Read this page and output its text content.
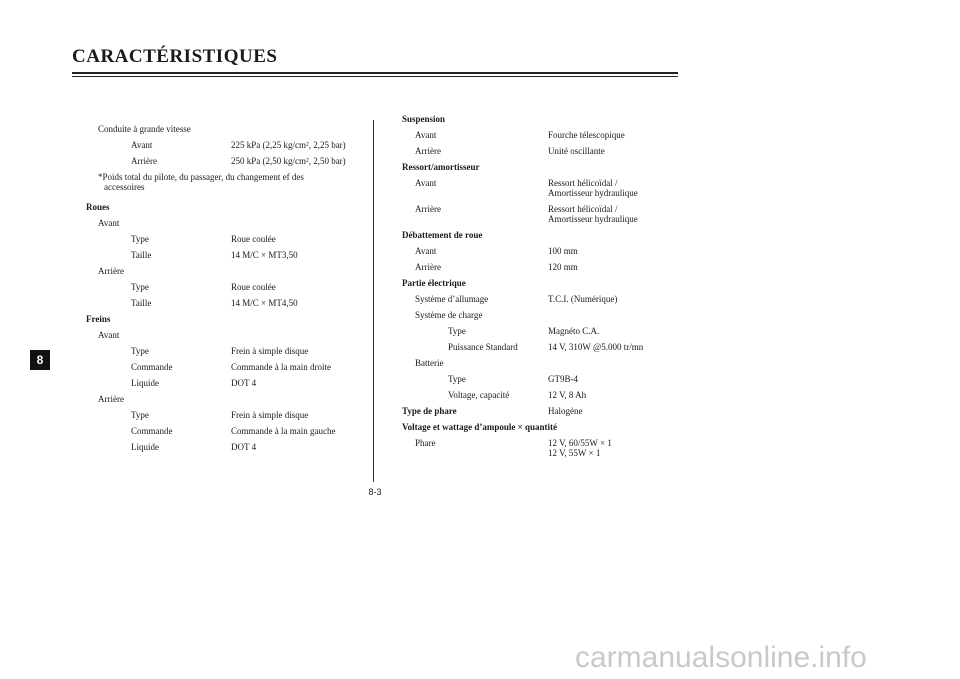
CARACTÉRISTIQUES
8
8-3
Conduite à grande vitesse
Avant	225 kPa (2,25 kg/cm², 2,25 bar)
Arrière	250 kPa (2,50 kg/cm², 2,50 bar)
*Poids total du pilote, du passager, du changement ef des
accessoires
Roues
Avant
Type	Roue coulée
Taille	14 M/C × MT3,50
Arrière
Type	Roue coulée
Taille	14 M/C × MT4,50
Freins
Avant
Type	Frein à simple disque
Commande	Commande à la main droite
Liquide	DOT 4
Arrière
Type	Frein à simple disque
Commande	Commande à la main gauche
Liquide	DOT 4
Suspension
Avant	Fourche télescopique
Arrière	Unité oscillante
Ressort/amortisseur
Avant	Ressort hélicoïdal /
Amortisseur hydraulique
Arrière	Ressort hélicoïdal /
Amortisseur hydraulique
Débattement de roue
Avant	100 mm
Arrière	120 mm
Partie électrique
Système d’allumage	T.C.I. (Numérique)
Système de charge
Type	Magnéto C.A.
Puissance Standard	14 V, 310W @5.000 tr/mn
Batterie
Type	GT9B-4
Voltage, capacité	12 V, 8 Ah
Type de phare	Halogène
Voltage et wattage d’ampoule × quantité
Phare	12 V, 60/55W × 1
12 V, 55W × 1
carmanualsonline.info
